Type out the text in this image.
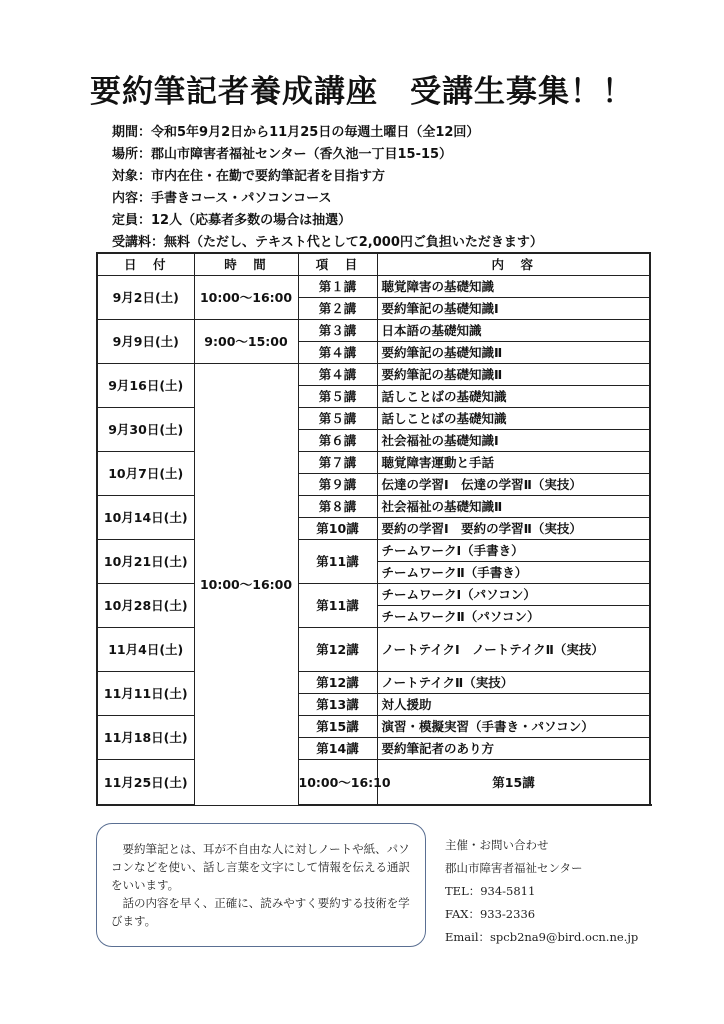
要約筆記者養成講座　受講生募集！！
期間：令和5年9月2日から11月25日の毎週土曜日（全12回）
場所：郡山市障害者福祉センター（香久池一丁目15-15）
対象：市内在住・在勤で要約筆記者を目指す方
内容：手書きコース・パソコンコース
定員：12人（応募者多数の場合は抽選）
受講料：無料（ただし、テキスト代として2,000円ご負担いただきます）
日　付	時　間	項　目	内　容	
9月2日(土)	10:00～16:00	第１講	聴覚障害の基礎知識	
		第２講	要約筆記の基礎知識Ⅰ	
9月9日(土)	9:00～15:00	第３講	日本語の基礎知識	
		第４講	要約筆記の基礎知識Ⅱ	
9月16日(土)	10:00～16:00	第４講	要約筆記の基礎知識Ⅱ	
		第５講	話しことばの基礎知識	
9月30日(土)		第５講	話しことばの基礎知識	
		第６講	社会福祉の基礎知識Ⅰ	
10月7日(土)		第７講	聴覚障害運動と手話	
		第９講	伝達の学習Ⅰ　伝達の学習Ⅱ（実技）	
10月14日(土)		第８講	社会福祉の基礎知識Ⅱ	
		第10講	要約の学習Ⅰ　要約の学習Ⅱ（実技）	
10月21日(土)		第11講	チームワークⅠ（手書き）	
			チームワークⅡ（手書き）	
10月28日(土)		第11講	チームワークⅠ（パソコン）	
			チームワークⅡ（パソコン）	
11月4日(土)		第12講	ノートテイクⅠ　ノートテイクⅡ（実技）	
11月11日(土)		第12講	ノートテイクⅡ（実技）	
		第13講	対人援助	
11月18日(土)		第15講	演習・模擬実習（手書き・パソコン）	
		第14講	要約筆記者のあり方	
11月25日(土)		10:00～16:10	第15講	

要約筆記とは、耳が不自由な人に対しノートや紙、パソコンなどを使い、話し言葉を文字にして情報を伝える通訳をいいます。

話の内容を早く、正確に、読みやすく要約する技術を学びます。

主催・お問い合わせ
郡山市障害者福祉センター
TEL：934-5811
FAX：933-2336
Email：spcb2na9@bird.ocn.ne.jp
